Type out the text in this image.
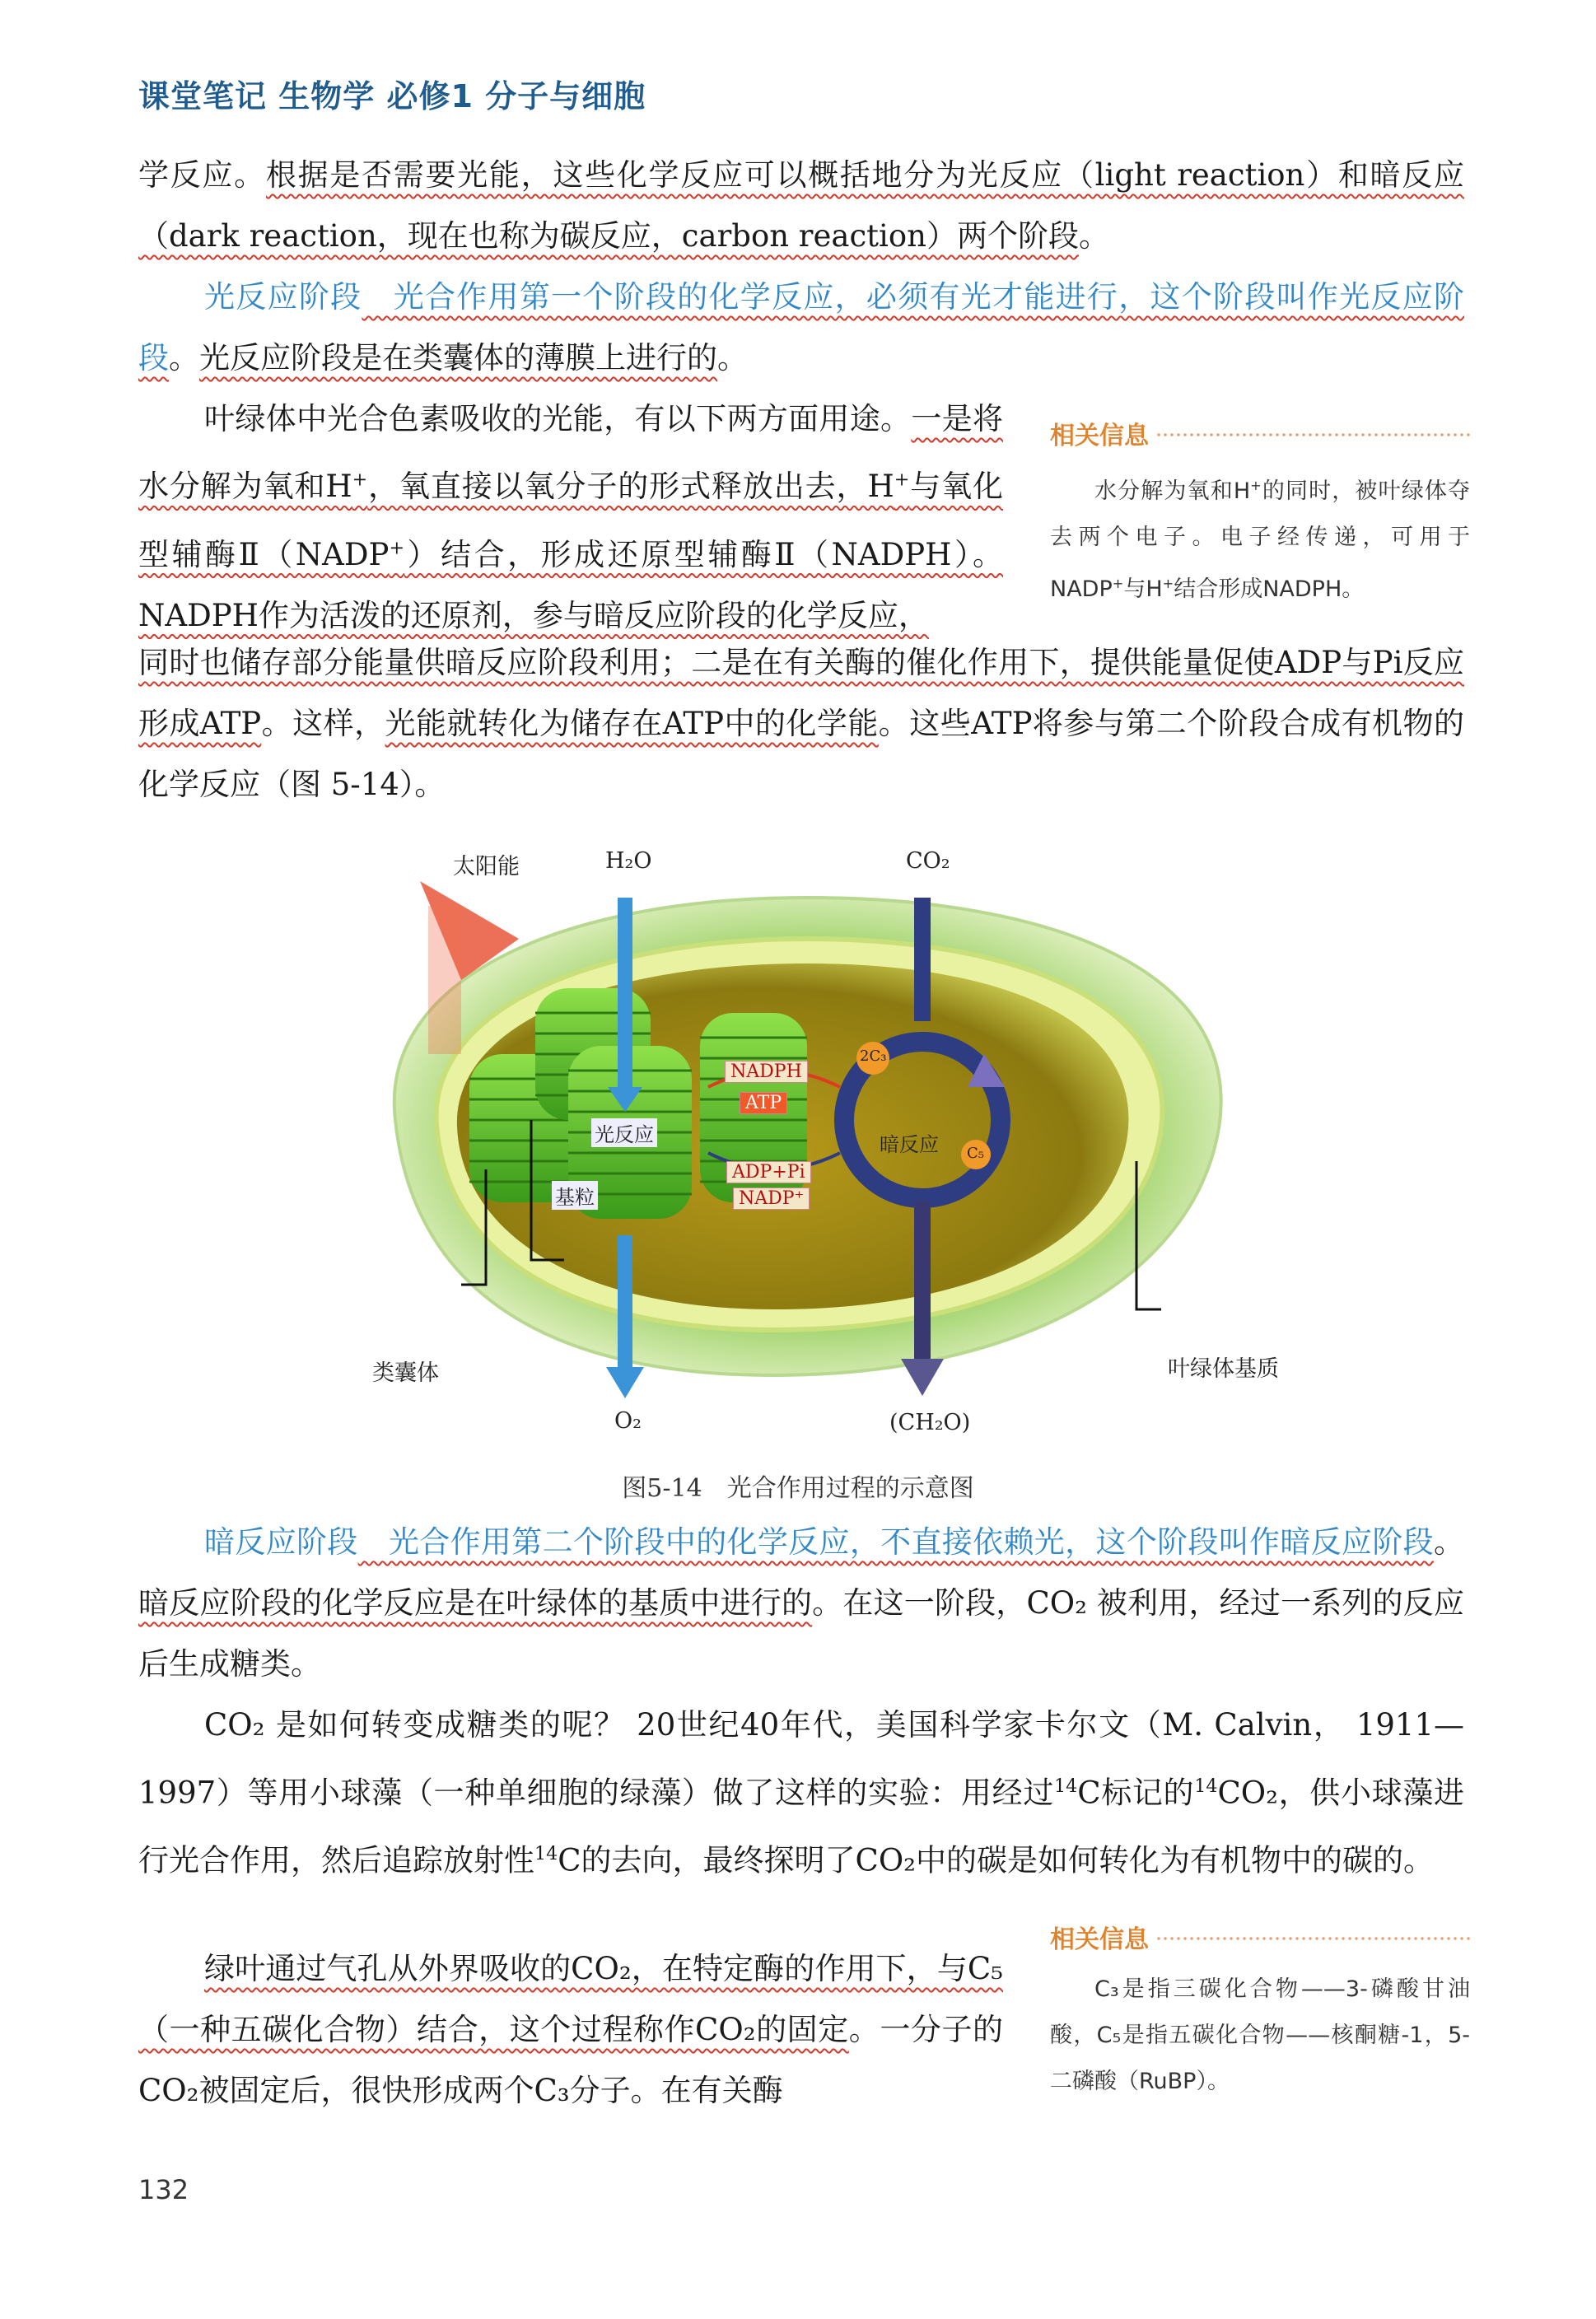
课堂笔记 生物学 必修1 分子与细胞

学反应。根据是否需要光能，这些化学反应可以概括地分为光反应（light reaction）和暗反应（dark reaction，现在也称为碳反应，carbon reaction）两个阶段。

光反应阶段　光合作用第一个阶段的化学反应，必须有光才能进行，这个阶段叫作光反应阶段。光反应阶段是在类囊体的薄膜上进行的。

叶绿体中光合色素吸收的光能，有以下两方面用途。一是将水分解为氧和H+，氧直接以氧分子的形式释放出去，H+与氧化型辅酶Ⅱ（NADP+）结合，形成还原型辅酶Ⅱ（NADPH）。NADPH作为活泼的还原剂，参与暗反应阶段的化学反应，

同时也储存部分能量供暗反应阶段利用；二是在有关酶的催化作用下，提供能量促使ADP与Pi反应形成ATP。这样，光能就转化为储存在ATP中的化学能。这些ATP将参与第二个阶段合成有机物的化学反应（图 5-14）。

相关信息
水分解为氧和H+的同时，被叶绿体夺去两个电子。电子经传递，可用于NADP+与H+结合形成NADPH。
太阳能	H₂O	CO₂
NADPH
ATP
ADP+Pi
NADP⁺
光反应	暗反应
基粒
类囊体	叶绿体基质
O₂	(CH₂O)
2C₃
C₅
图5-14　光合作用过程的示意图

暗反应阶段　光合作用第二个阶段中的化学反应，不直接依赖光，这个阶段叫作暗反应阶段。暗反应阶段的化学反应是在叶绿体的基质中进行的。在这一阶段，CO₂ 被利用，经过一系列的反应后生成糖类。

CO₂ 是如何转变成糖类的呢？ 20世纪40年代，美国科学家卡尔文（M. Calvin， 1911—1997）等用小球藻（一种单细胞的绿藻）做了这样的实验：用经过$^{14}$C标记的$^{14}$CO₂，供小球藻进行光合作用，然后追踪放射性$^{14}$C的去向，最终探明了CO₂中的碳是如何转化为有机物中的碳的。

绿叶通过气孔从外界吸收的CO₂，在特定酶的作用下，与C₅（一种五碳化合物）结合，这个过程称作CO₂的固定。一分子的CO₂被固定后，很快形成两个C₃分子。在有关酶

相关信息
C₃是指三碳化合物——3-磷酸甘油酸，C₅是指五碳化合物——核酮糖-1，5-二磷酸（RuBP）。
132
